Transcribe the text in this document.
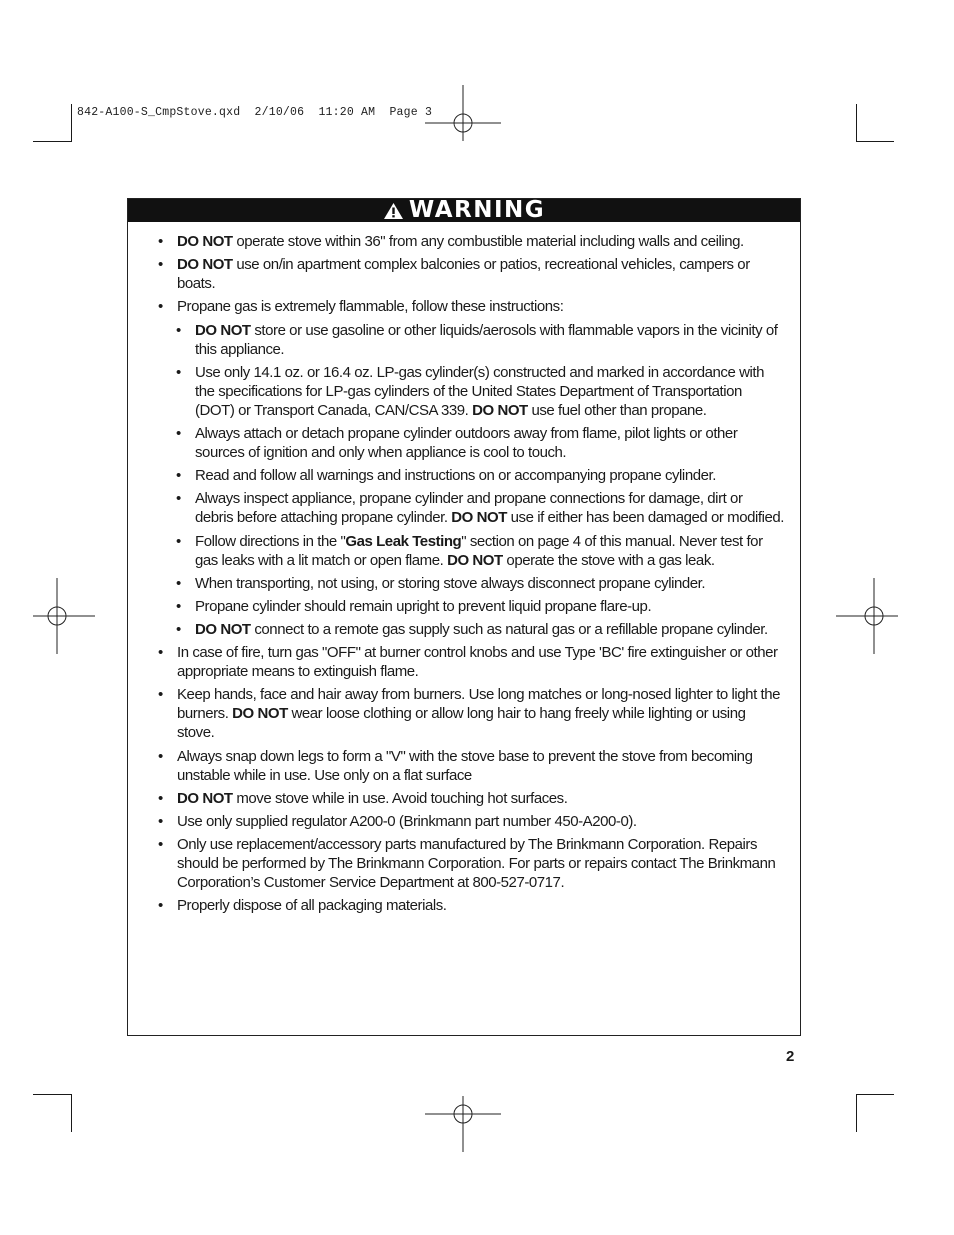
842-A100-S_CmpStove.qxd  2/10/06  11:20 AM  Page 3
WARNING
• DO NOT operate stove within 36" from any combustible material including walls and ceiling.
• DO NOT use on/in apartment complex balconies or patios, recreational vehicles, campers or boats.
• Propane gas is extremely flammable, follow these instructions:
• DO NOT store or use gasoline or other liquids/aerosols with flammable vapors in the vicinity of this appliance.
• Use only 14.1 oz. or 16.4 oz. LP-gas cylinder(s) constructed and marked in accordance with the specifications for LP-gas cylinders of the United States Department of Transportation (DOT) or Transport Canada, CAN/CSA 339. DO NOT use fuel other than propane.
• Always attach or detach propane cylinder outdoors away from flame, pilot lights or other sources of ignition and only when appliance is cool to touch.
• Read and follow all warnings and instructions on or accompanying propane cylinder.
• Always inspect appliance, propane cylinder and propane connections for damage, dirt or debris before attaching propane cylinder. DO NOT use if either has been damaged or modified.
• Follow directions in the "Gas Leak Testing" section on page 4 of this manual. Never test for gas leaks with a lit match or open flame. DO NOT operate the stove with a gas leak.
• When transporting, not using, or storing stove always disconnect propane cylinder.
• Propane cylinder should remain upright to prevent liquid propane flare-up.
• DO NOT connect to a remote gas supply such as natural gas or a refillable propane cylinder.
• In case of fire, turn gas "OFF" at burner control knobs and use Type 'BC' fire extinguisher or other appropriate means to extinguish flame.
• Keep hands, face and hair away from burners. Use long matches or long-nosed lighter to light the burners. DO NOT wear loose clothing or allow long hair to hang freely while lighting or using stove.
• Always snap down legs to form a "V" with the stove base to prevent the stove from becoming unstable while in use. Use only on a flat surface
• DO NOT move stove while in use. Avoid touching hot surfaces.
• Use only supplied regulator A200-0 (Brinkmann part number 450-A200-0).
• Only use replacement/accessory parts manufactured by The Brinkmann Corporation. Repairs should be performed by The Brinkmann Corporation. For parts or repairs contact The Brinkmann Corporation’s Customer Service Department at 800-527-0717.
• Properly dispose of all packaging materials.
2
